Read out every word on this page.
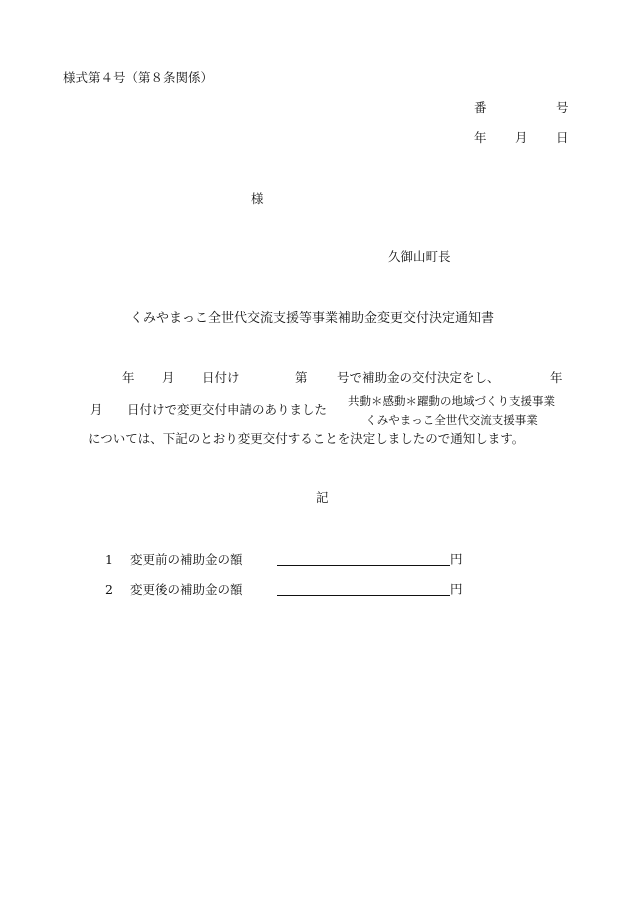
様式第４号（第８条関係）
番	号
年 月 日
様
久御山町長
くみやまっこ全世代交流支援等事業補助金変更交付決定通知書
年 月 日付け	第 号で補助金の交付決定をし、	年
月 日付けで変更交付申請のありました
共動＊感動＊躍動の地域づくり支援事業
くみやまっこ全世代交流支援事業
については、下記のとおり変更交付することを決定しましたので通知します。
記
1 変更前の補助金の額	円
2 変更後の補助金の額	円
